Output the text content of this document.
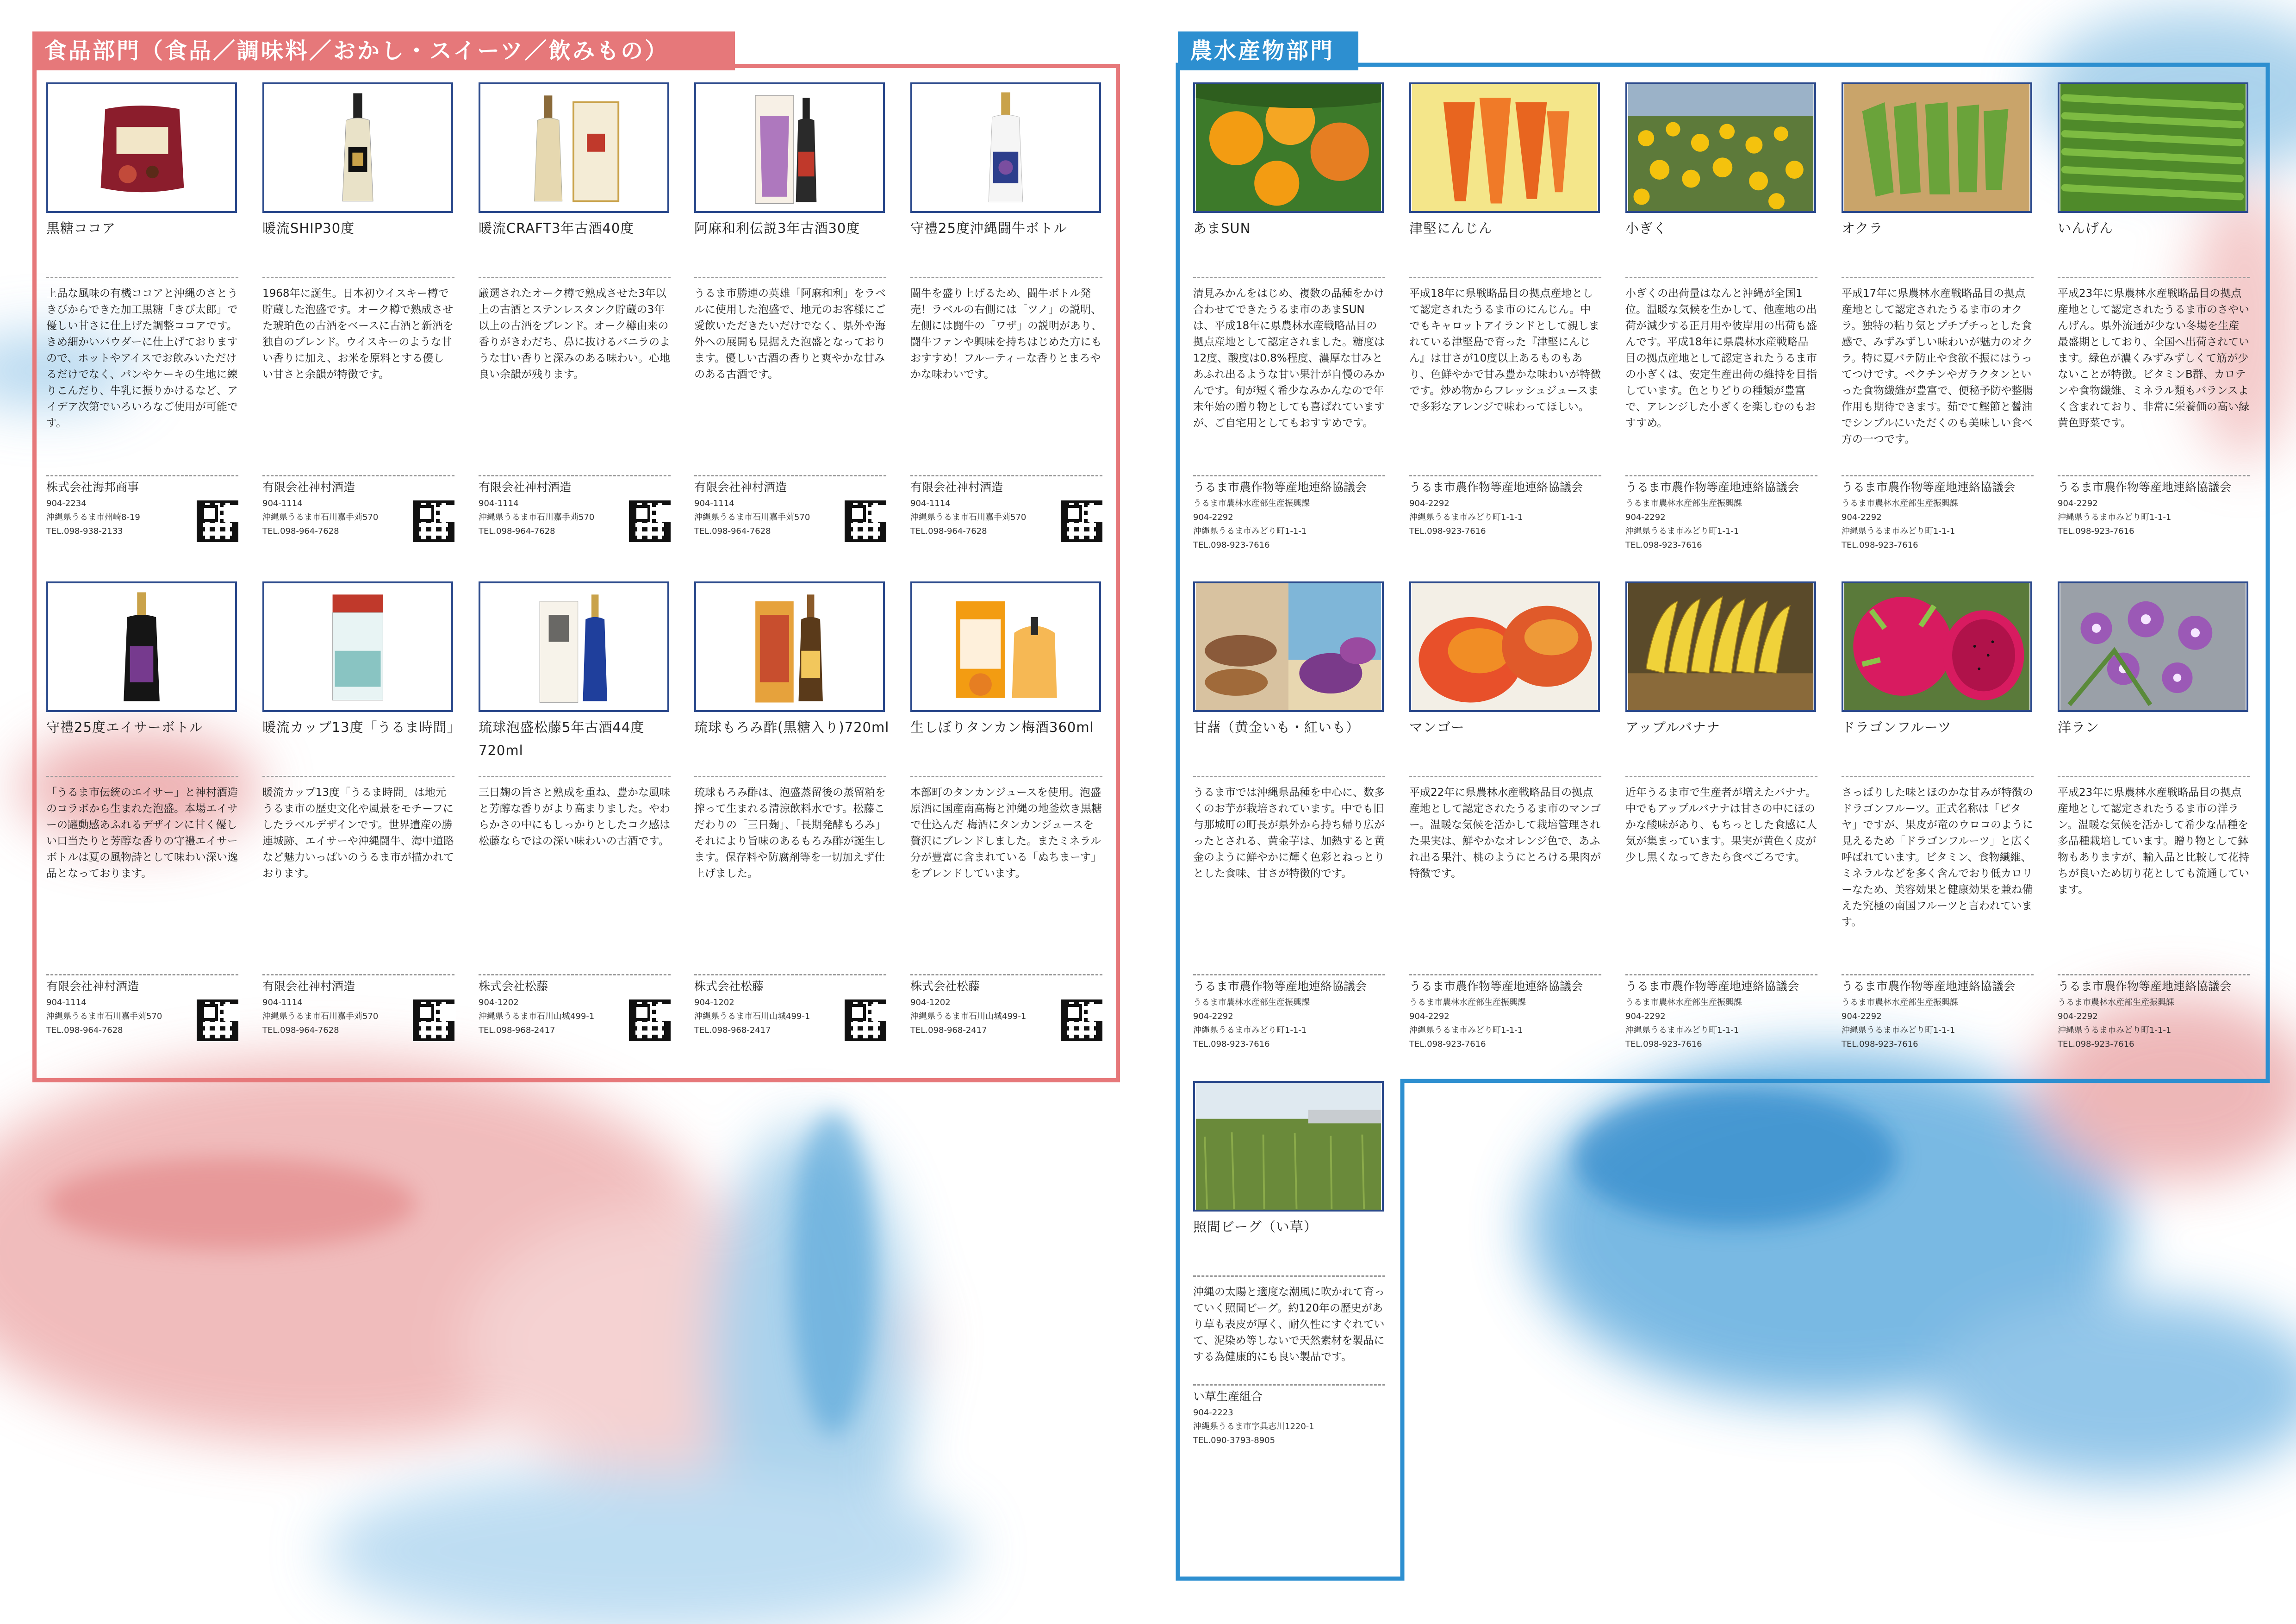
食品部門（食品／調味料／おかし・スイーツ／飲みもの）	農水産物部門
黒糖ココア
上品な風味の有機ココアと沖縄のさとうきびからできた加工黒糖「きび太郎」で優しい甘さに仕上げた調整ココアです。きめ細かいパウダーに仕上げておりますので、ホットやアイスでお飲みいただけるだけでなく、パンやケーキの生地に練りこんだり、牛乳に振りかけるなど、アイデア次第でいろいろなご使用が可能です。
株式会社海邦商事
904-2234
沖縄県うるま市州崎8-19
TEL.098-938-2133
暖流SHIP30度
1968年に誕生。日本初ウイスキー樽で貯蔵した泡盛です。オーク樽で熟成させた琥珀色の古酒をベースに古酒と新酒を独自のブレンド。ウイスキーのような甘い香りに加え、お米を原料とする優しい甘さと余韻が特徴です。
有限会社神村酒造
904-1114
沖縄県うるま市石川嘉手苅570
TEL.098-964-7628
暖流CRAFT3年古酒40度
厳選されたオーク樽で熟成させた3年以上の古酒とステンレスタンク貯蔵の3年以上の古酒をブレンド。オーク樽由来の香りがきわだち、鼻に抜けるバニラのような甘い香りと深みのある味わい。心地良い余韻が残ります。
有限会社神村酒造
904-1114
沖縄県うるま市石川嘉手苅570
TEL.098-964-7628
阿麻和利伝説3年古酒30度
うるま市勝連の英雄「阿麻和利」をラベルに使用した泡盛で、地元のお客様にご愛飲いただきたいだけでなく、県外や海外への展開も見据えた泡盛となっております。優しい古酒の香りと爽やかな甘みのある古酒です。
有限会社神村酒造
904-1114
沖縄県うるま市石川嘉手苅570
TEL.098-964-7628
守禮25度沖縄闘牛ボトル
闘牛を盛り上げるため、闘牛ボトル発売！ラベルの右側には「ツノ」の説明、左側には闘牛の「ワザ」の説明があり、闘牛ファンや興味を持ちはじめた方にもおすすめ！フルーティーな香りとまろやかな味わいです。
有限会社神村酒造
904-1114
沖縄県うるま市石川嘉手苅570
TEL.098-964-7628
守禮25度エイサーボトル
「うるま市伝統のエイサー」と神村酒造のコラボから生まれた泡盛。本場エイサーの躍動感あふれるデザインに甘く優しい口当たりと芳醇な香りの守禮エイサーボトルは夏の風物詩として味わい深い逸品となっております。
有限会社神村酒造
904-1114
沖縄県うるま市石川嘉手苅570
TEL.098-964-7628
暖流カップ13度「うるま時間」
暖流カップ13度「うるま時間」は地元うるま市の歴史文化や風景をモチーフにしたラベルデザインです。世界遺産の勝連城跡、エイサーや沖縄闘牛、海中道路など魅力いっぱいのうるま市が描かれております。
有限会社神村酒造
904-1114
沖縄県うるま市石川嘉手苅570
TEL.098-964-7628
琉球泡盛松藤5年古酒44度 720ml
三日麹の旨さと熟成を重ね、豊かな風味と芳醇な香りがより高まりました。やわらかさの中にもしっかりとしたコク感は松藤ならではの深い味わいの古酒です。
株式会社松藤
904-1202
沖縄県うるま市石川山城499-1
TEL.098-968-2417
琉球もろみ酢(黒糖入り)720ml
琉球もろみ酢は、泡盛蒸留後の蒸留粕を搾って生まれる清涼飲料水です。松藤こだわりの「三日麹」、「長期発酵もろみ」それにより旨味のあるもろみ酢が誕生します。保存料や防腐剤等を一切加えず仕上げました。
株式会社松藤
904-1202
沖縄県うるま市石川山城499-1
TEL.098-968-2417
生しぼりタンカン梅酒360ml
本部町のタンカンジュースを使用。泡盛原酒に国産南高梅と沖縄の地釜炊き黒糖で仕込んだ 梅酒にタンカンジュースを贅沢にブレンドしました。またミネラル分が豊富に含まれている「ぬちまーす」をブレンドしています。
株式会社松藤
904-1202
沖縄県うるま市石川山城499-1
TEL.098-968-2417
あまSUN
清見みかんをはじめ、複数の品種をかけ合わせてできたうるま市のあまSUNは、平成18年に県農林水産戦略品目の拠点産地として認定されました。糖度は12度、酸度は0.8%程度、濃厚な甘みとあふれ出るような甘い果汁が自慢のみかんです。旬が短く希少なみかんなので年末年始の贈り物としても喜ばれていますが、ご自宅用としてもおすすめです。
うるま市農作物等産地連絡協議会
うるま市農林水産部生産振興課
904-2292
沖縄県うるま市みどり町1-1-1
TEL.098-923-7616
津堅にんじん
平成18年に県戦略品目の拠点産地として認定されたうるま市のにんじん。中でもキャロットアイランドとして親しまれている津堅島で育った『津堅にんじん』は甘さが10度以上あるものもあり、色鮮やかで甘み豊かな味わいが特徴です。炒め物からフレッシュジュースまで多彩なアレンジで味わってほしい。
うるま市農作物等産地連絡協議会
904-2292
沖縄県うるま市みどり町1-1-1
TEL.098-923-7616
小ぎく
小ぎくの出荷量はなんと沖縄が全国1位。温暖な気候を生かして、他産地の出荷が減少する正月用や彼岸用の出荷も盛んです。平成18年に県農林水産戦略品目の拠点産地として認定されたうるま市の小ぎくは、安定生産出荷の維持を目指しています。色とりどりの種類が豊富で、アレンジした小ぎくを楽しむのもおすすめ。
うるま市農作物等産地連絡協議会
うるま市農林水産部生産振興課
904-2292
沖縄県うるま市みどり町1-1-1
TEL.098-923-7616
オクラ
平成17年に県農林水産戦略品目の拠点産地として認定されたうるま市のオクラ。独特の粘り気とプチプチっとした食感で、みずみずしい味わいが魅力のオクラ。特に夏バテ防止や食欲不振にはうってつけです。ペクチンやガラクタンといった食物繊維が豊富で、便秘予防や整腸作用も期待できます。茹でて鰹節と醤油でシンプルにいただくのも美味しい食べ方の一つです。
うるま市農作物等産地連絡協議会
うるま市農林水産部生産振興課
904-2292
沖縄県うるま市みどり町1-1-1
TEL.098-923-7616
いんげん
平成23年に県農林水産戦略品目の拠点産地として認定されたうるま市のさやいんげん。県外流通が少ない冬場を生産最盛期としており、全国へ出荷されています。緑色が濃くみずみずしくて筋が少ないことが特徴。ビタミンB群、カロテンや食物繊維、ミネラル類もバランスよく含まれており、非常に栄養価の高い緑黄色野菜です。
うるま市農作物等産地連絡協議会
904-2292
沖縄県うるま市みどり町1-1-1
TEL.098-923-7616
甘藷（黄金いも・紅いも）
うるま市では沖縄県品種を中心に、数多くのお芋が栽培されています。中でも旧与那城町の町長が県外から持ち帰り広がったとされる、黄金芋は、加熱すると黄金のように鮮やかに輝く色彩とねっとりとした食味、甘さが特徴的です。
うるま市農作物等産地連絡協議会
うるま市農林水産部生産振興課
904-2292
沖縄県うるま市みどり町1-1-1
TEL.098-923-7616
マンゴー
平成22年に県農林水産戦略品目の拠点産地として認定されたうるま市のマンゴー。温暖な気候を活かして栽培管理された果実は、鮮やかなオレンジ色で、あふれ出る果汁、桃のようにとろける果肉が特徴です。
うるま市農作物等産地連絡協議会
うるま市農林水産部生産振興課
904-2292
沖縄県うるま市みどり町1-1-1
TEL.098-923-7616
アップルバナナ
近年うるま市で生産者が増えたバナナ。中でもアップルバナナは甘さの中にほのかな酸味があり、もちっとした食感に人気が集まっています。果実が黄色く皮が少し黒くなってきたら食べごろです。
うるま市農作物等産地連絡協議会
うるま市農林水産部生産振興課
904-2292
沖縄県うるま市みどり町1-1-1
TEL.098-923-7616
ドラゴンフルーツ
さっぱりした味とほのかな甘みが特徴のドラゴンフルーツ。正式名称は「ピタヤ」ですが、果皮が竜のウロコのように見えるため「ドラゴンフルーツ」と広く呼ばれています。ビタミン、食物繊維、ミネラルなどを多く含んでおり低カロリーなため、美容効果と健康効果を兼ね備えた究極の南国フルーツと言われています。
うるま市農作物等産地連絡協議会
うるま市農林水産部生産振興課
904-2292
沖縄県うるま市みどり町1-1-1
TEL.098-923-7616
洋ラン
平成23年に県農林水産戦略品目の拠点産地として認定されたうるま市の洋ラン。温暖な気候を活かして希少な品種を多品種栽培しています。贈り物として鉢物もありますが、輸入品と比較して花持ちが良いため切り花としても流通しています。
うるま市農作物等産地連絡協議会
うるま市農林水産部生産振興課
904-2292
沖縄県うるま市みどり町1-1-1
TEL.098-923-7616
照間ビーグ（い草）
沖縄の太陽と適度な潮風に吹かれて育っていく照間ビーグ。約120年の歴史があり草も表皮が厚く、耐久性にすぐれていて、泥染め等しないで天然素材を製品にする為健康的にも良い製品です。
い草生産組合
904-2223
沖縄県うるま市字具志川1220-1
TEL.090-3793-8905
